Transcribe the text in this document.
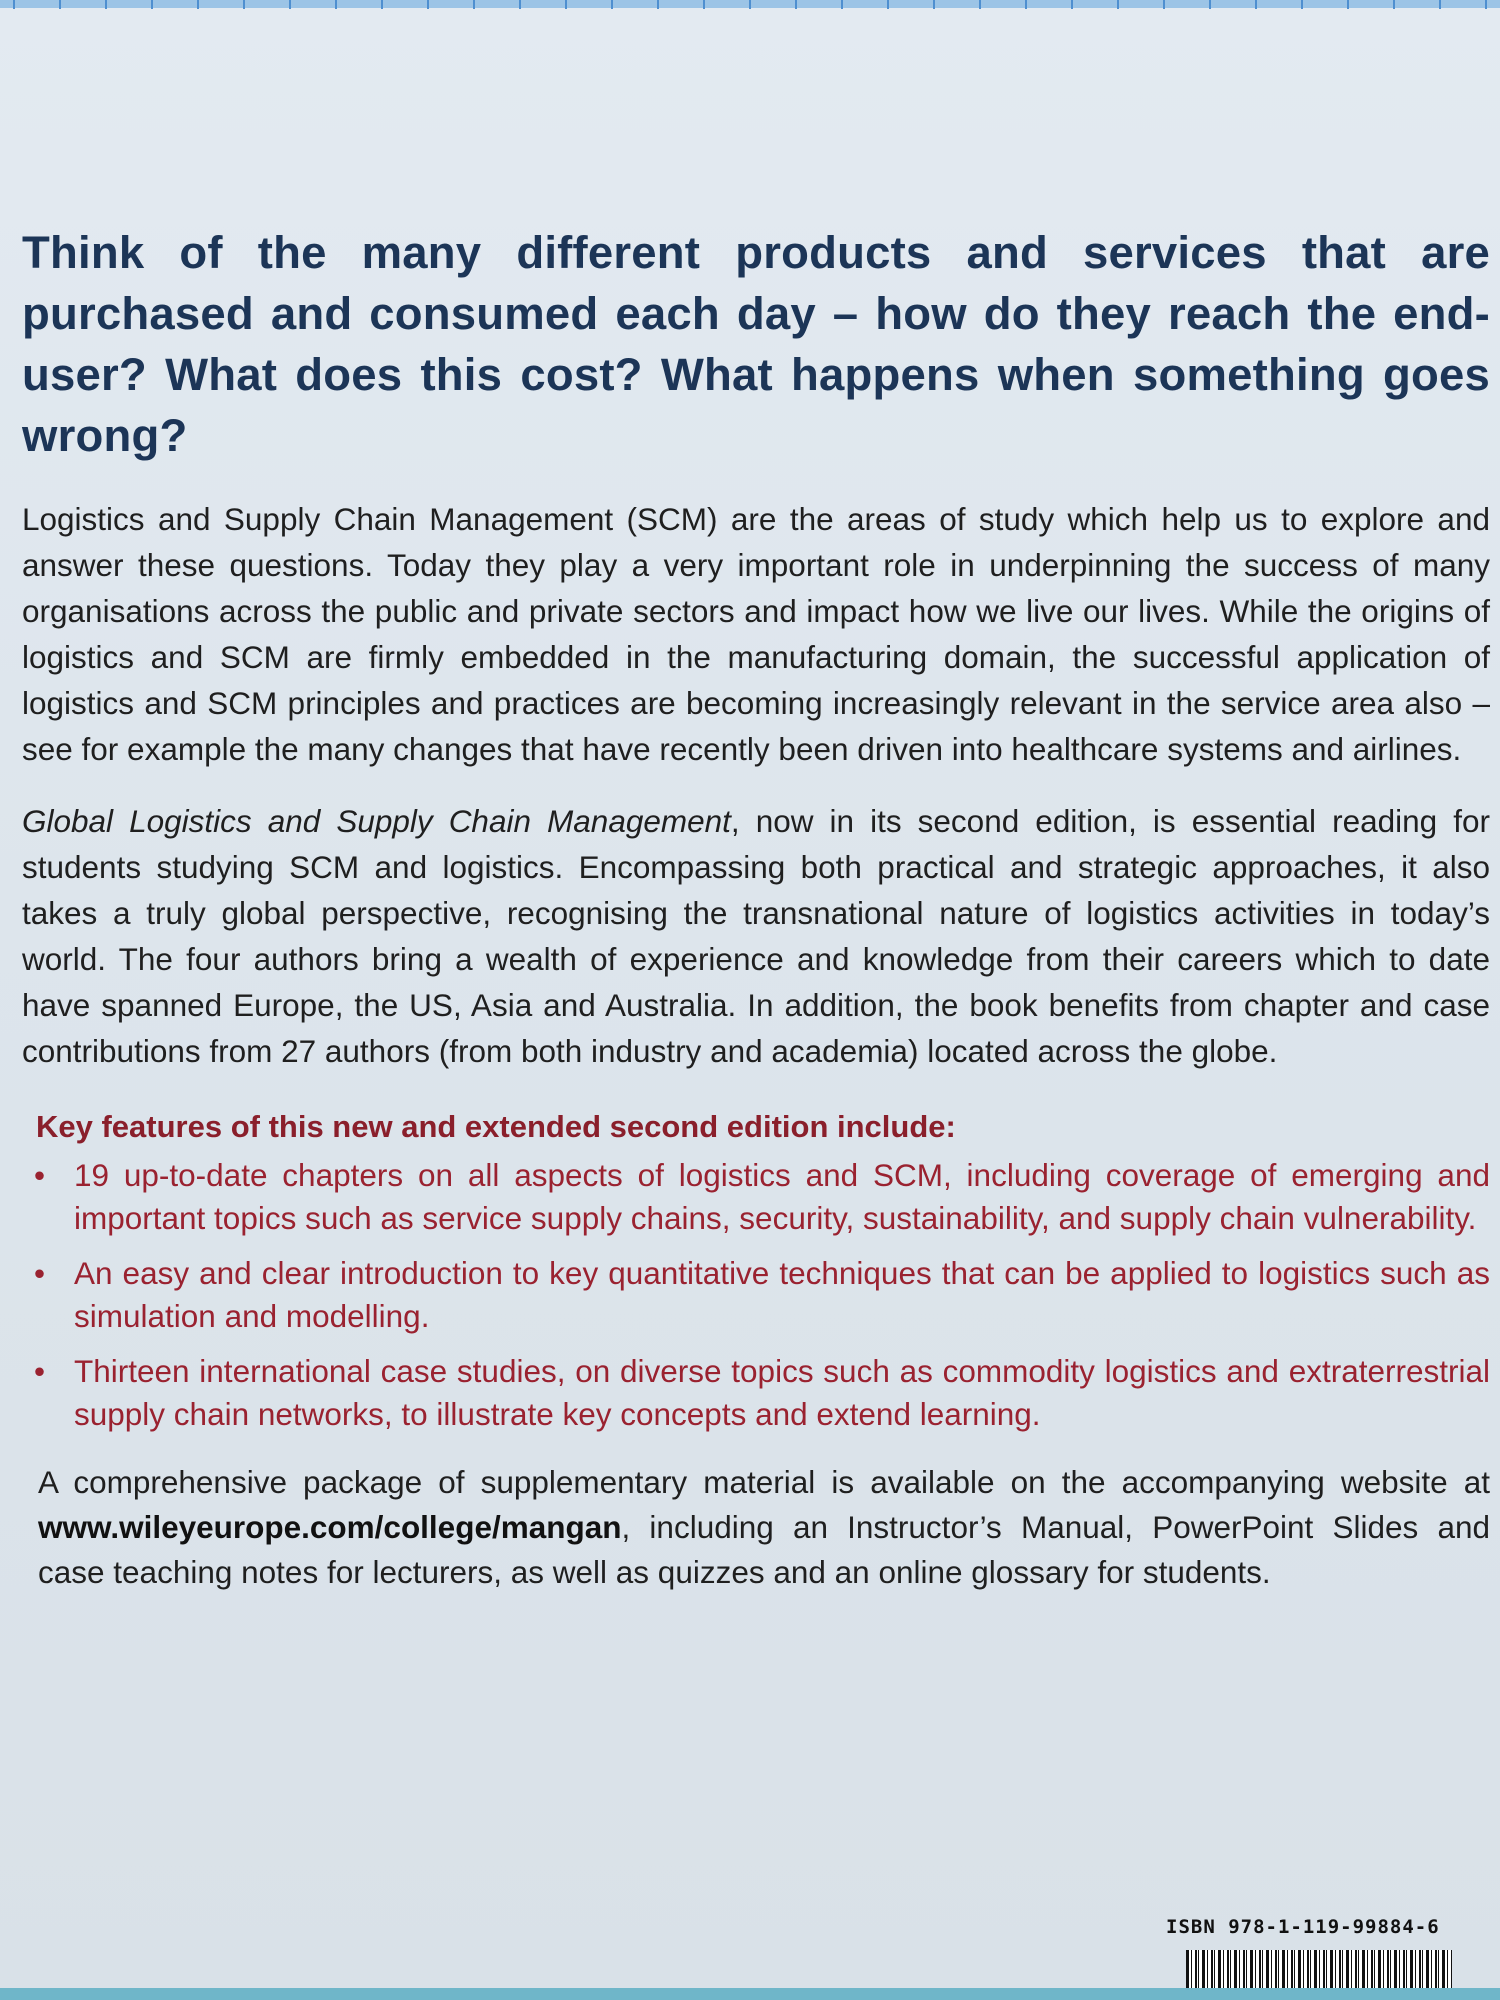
Think of the many different products and services that are purchased and consumed each day – how do they reach the end-user? What does this cost? What happens when something goes wrong?

Logistics and Supply Chain Management (SCM) are the areas of study which help us to explore and answer these questions. Today they play a very important role in underpinning the success of many organisations across the public and private sectors and impact how we live our lives. While the origins of logistics and SCM are firmly embedded in the manufacturing domain, the successful application of logistics and SCM principles and practices are becoming increasingly relevant in the service area also – see for example the many changes that have recently been driven into healthcare systems and airlines.

Global Logistics and Supply Chain Management, now in its second edition, is essential reading for students studying SCM and logistics. Encompassing both practical and strategic approaches, it also takes a truly global perspective, recognising the transnational nature of logistics activities in today’s world. The four authors bring a wealth of experience and knowledge from their careers which to date have spanned Europe, the US, Asia and Australia. In addition, the book benefits from chapter and case contributions from 27 authors (from both industry and academia) located across the globe.

Key features of this new and extended second edition include:
• 19 up-to-date chapters on all aspects of logistics and SCM, including coverage of emerging and important topics such as service supply chains, security, sustainability, and supply chain vulnerability.
• An easy and clear introduction to key quantitative techniques that can be applied to logistics such as simulation and modelling.
• Thirteen international case studies, on diverse topics such as commodity logistics and extraterrestrial supply chain networks, to illustrate key concepts and extend learning.

A comprehensive package of supplementary material is available on the accompanying website at www.wileyeurope.com/college/mangan, including an Instructor’s Manual, PowerPoint Slides and case teaching notes for lecturers, as well as quizzes and an online glossary for students.

ISBN 978-1-119-99884-6
